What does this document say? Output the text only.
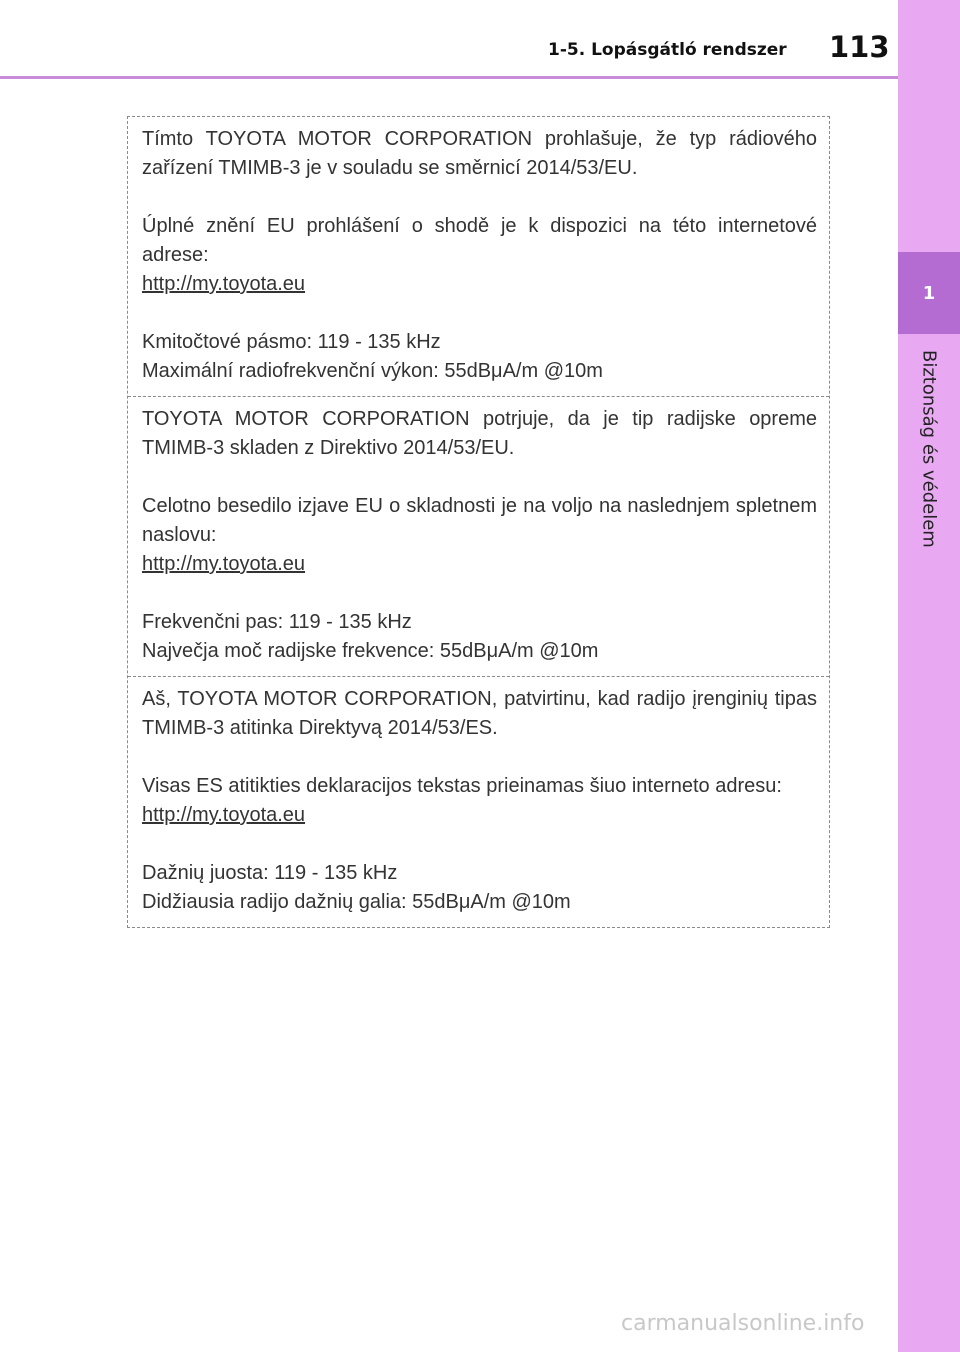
1-5. Lopásgátló rendszer 113
1
Biztonság és védelem

Tímto TOYOTA MOTOR CORPORATION prohlašuje, že typ rádiového zařízení TMIMB-3 je v souladu se směrnicí 2014/53/EU.

Úplné znění EU prohlášení o shodě je k dispozici na této internetové adrese:

http://my.toyota.eu

Kmitočtové pásmo: 119 - 135 kHz

Maximální radiofrekvenční výkon: 55dBμA/m @10m

TOYOTA MOTOR CORPORATION potrjuje, da je tip radijske opreme TMIMB-3 skladen z Direktivo 2014/53/EU.

Celotno besedilo izjave EU o skladnosti je na voljo na naslednjem spletnem naslovu:

http://my.toyota.eu

Frekvenčni pas: 119 - 135 kHz

Največja moč radijske frekvence: 55dBμA/m @10m

Aš, TOYOTA MOTOR CORPORATION, patvirtinu, kad radijo įrenginių tipas TMIMB-3 atitinka Direktyvą 2014/53/ES.

Visas ES atitikties deklaracijos tekstas prieinamas šiuo interneto adresu:

http://my.toyota.eu

Dažnių juosta: 119 - 135 kHz

Didžiausia radijo dažnių galia: 55dBμA/m @10m

carmanualsonline.info
